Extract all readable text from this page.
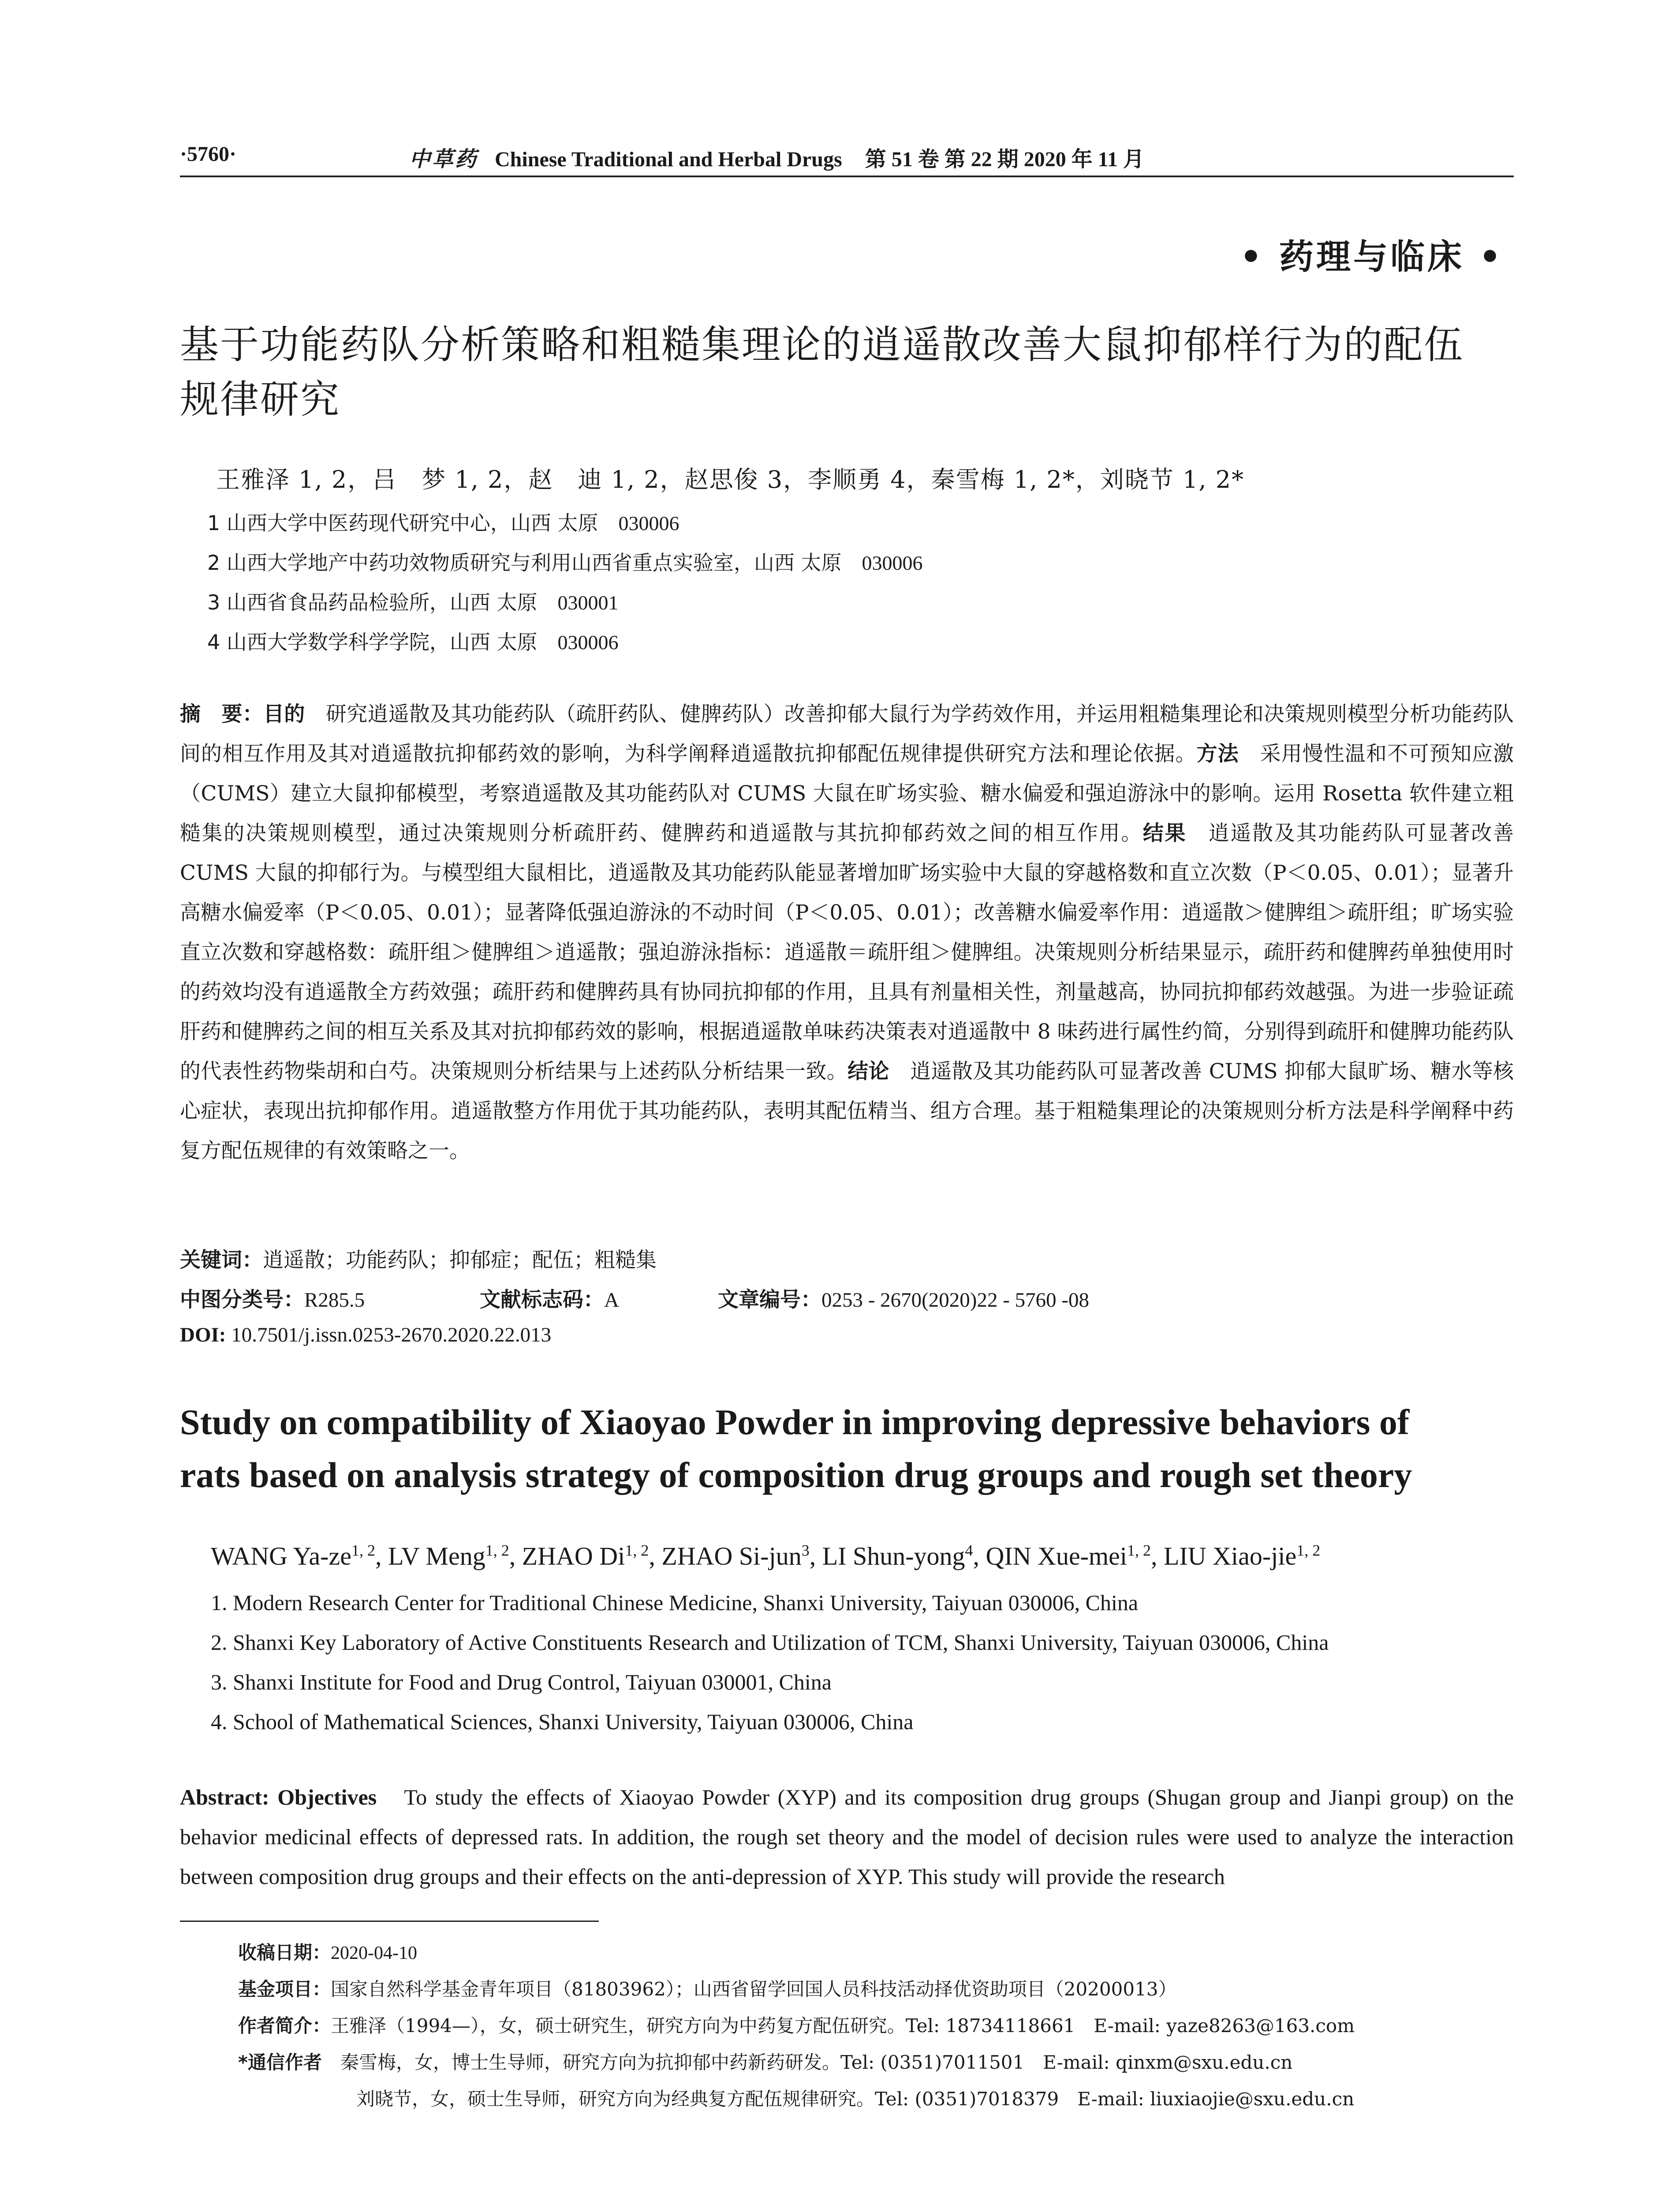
·5760·	中草药 Chinese Traditional and Herbal Drugs 第 51 卷 第 22 期 2020 年 11 月
• 药理与临床 •
基于功能药队分析策略和粗糙集理论的逍遥散改善大鼠抑郁样行为的配伍
规律研究
王雅泽 1, 2，吕　梦 1, 2，赵　迪 1, 2，赵思俊 3，李顺勇 4，秦雪梅 1, 2*，刘晓节 1, 2*
1 山西大学中医药现代研究中心，山西 太原　 030006
2 山西大学地产中药功效物质研究与利用山西省重点实验室，山西 太原　 030006
3 山西省食品药品检验所，山西 太原　 030001
4 山西大学数学科学学院，山西 太原　 030006
摘　要：目的　 研究逍遥散及其功能药队（疏肝药队、健脾药队）改善抑郁大鼠行为学药效作用，并运用粗糙集理论和决策规则模型分析功能药队间的相互作用及其对逍遥散抗抑郁药效的影响，为科学阐释逍遥散抗抑郁配伍规律提供研究方法和理论依据。方法　 采用慢性温和不可预知应激（CUMS）建立大鼠抑郁模型，考察逍遥散及其功能药队对 CUMS 大鼠在旷场实验、糖水偏爱和强迫游泳中的影响。运用 Rosetta 软件建立粗糙集的决策规则模型，通过决策规则分析疏肝药、健脾药和逍遥散与其抗抑郁药效之间的相互作用。结果　 逍遥散及其功能药队可显著改善 CUMS 大鼠的抑郁行为。与模型组大鼠相比，逍遥散及其功能药队能显著增加旷场实验中大鼠的穿越格数和直立次数（P＜0.05、0.01）；显著升高糖水偏爱率（P＜0.05、0.01）；显著降低强迫游泳的不动时间（P＜0.05、0.01）；改善糖水偏爱率作用：逍遥散＞健脾组＞疏肝组；旷场实验直立次数和穿越格数：疏肝组＞健脾组＞逍遥散；强迫游泳指标：逍遥散＝疏肝组＞健脾组。决策规则分析结果显示，疏肝药和健脾药单独使用时的药效均没有逍遥散全方药效强；疏肝药和健脾药具有协同抗抑郁的作用，且具有剂量相关性，剂量越高，协同抗抑郁药效越强。为进一步验证疏肝药和健脾药之间的相互关系及其对抗抑郁药效的影响，根据逍遥散单味药决策表对逍遥散中 8 味药进行属性约简，分别得到疏肝和健脾功能药队的代表性药物柴胡和白芍。决策规则分析结果与上述药队分析结果一致。结论　 逍遥散及其功能药队可显著改善 CUMS 抑郁大鼠旷场、糖水等核心症状，表现出抗抑郁作用。逍遥散整方作用优于其功能药队，表明其配伍精当、组方合理。基于粗糙集理论的决策规则分析方法是科学阐释中药复方配伍规律的有效策略之一。
关键词：逍遥散；功能药队；抑郁症；配伍；粗糙集
中图分类号：R285.5	文献标志码：A	文章编号：0253 - 2670(2020)22 - 5760 -08
DOI: 10.7501/j.issn.0253-2670.2020.22.013
Study on compatibility of Xiaoyao Powder in improving depressive behaviors of
rats based on analysis strategy of composition drug groups and rough set theory
WANG Ya-ze$^{1, 2}$, LV Meng$^{1, 2}$, ZHAO Di$^{1, 2}$, ZHAO Si-jun$^3$, LI Shun-yong$^4$, QIN Xue-mei$^{1, 2}$, LIU Xiao-jie$^{1, 2}$
1. Modern Research Center for Traditional Chinese Medicine, Shanxi University, Taiyuan 030006, China
2. Shanxi Key Laboratory of Active Constituents Research and Utilization of TCM, Shanxi University, Taiyuan 030006, China
3. Shanxi Institute for Food and Drug Control, Taiyuan 030001, China
4. School of Mathematical Sciences, Shanxi University, Taiyuan 030006, China
Abstract: Objectives　 To study the effects of Xiaoyao Powder (XYP) and its composition drug groups (Shugan group and Jianpi group) on the behavior medicinal effects of depressed rats. In addition, the rough set theory and the model of decision rules were used to analyze the interaction between composition drug groups and their effects on the anti-depression of XYP. This study will provide the research
收稿日期：2020-04-10
基金项目：国家自然科学基金青年项目（81803962）；山西省留学回国人员科技活动择优资助项目（20200013）
作者简介：王雅泽（1994—），女，硕士研究生，研究方向为中药复方配伍研究。Tel: 18734118661　E-mail: yaze8263@163.com
*通信作者　 秦雪梅，女，博士生导师，研究方向为抗抑郁中药新药研发。Tel: (0351)7011501　E-mail: qinxm@sxu.edu.cn
刘晓节，女，硕士生导师，研究方向为经典复方配伍规律研究。Tel: (0351)7018379　E-mail: liuxiaojie@sxu.edu.cn
